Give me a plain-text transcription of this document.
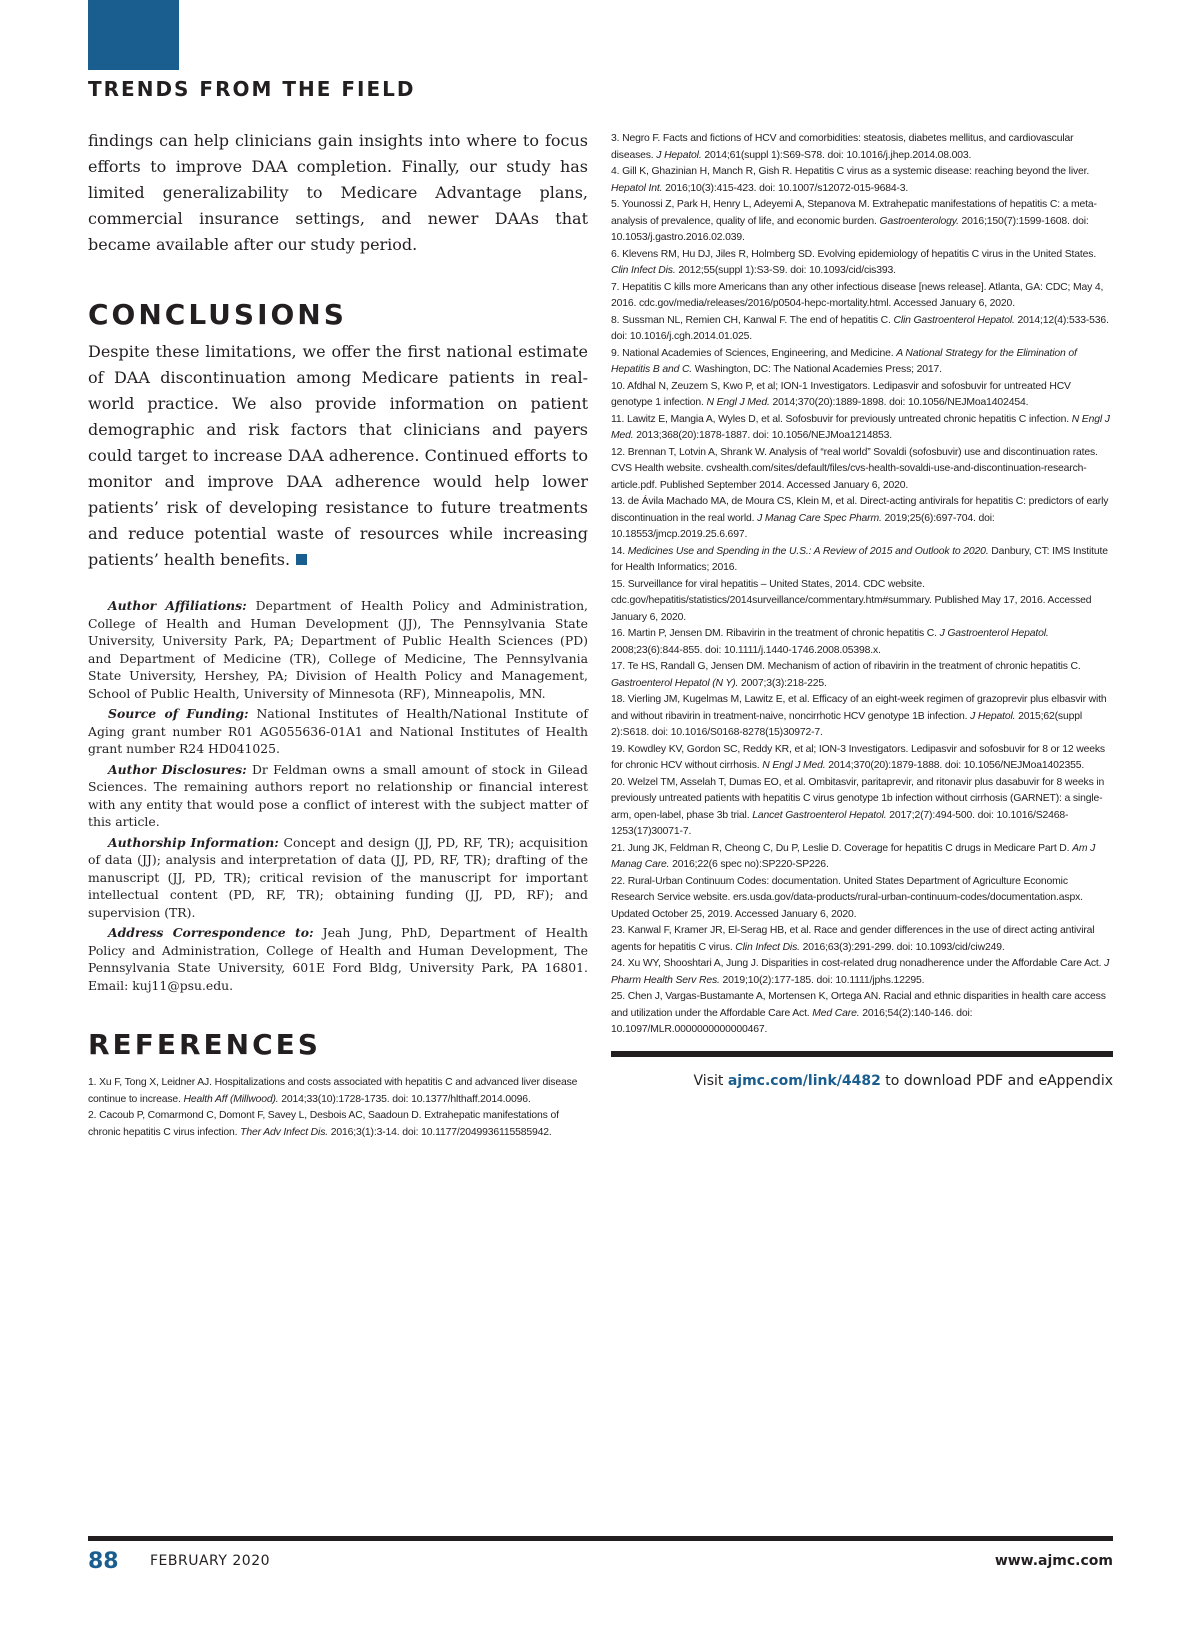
TRENDS FROM THE FIELD

findings can help clinicians gain insights into where to focus efforts to improve DAA completion. Finally, our study has limited generalizability to Medicare Advantage plans, commercial insurance settings, and newer DAAs that became available after our study period.

CONCLUSIONS

Despite these limitations, we offer the first national estimate of DAA discontinuation among Medicare patients in real-world practice. We also provide information on patient demographic and risk factors that clinicians and payers could target to increase DAA adherence. Continued efforts to monitor and improve DAA adherence would help lower patients’ risk of developing resistance to future treatments and reduce potential waste of resources while increasing patients’ health benefits.

Author Affiliations: Department of Health Policy and Administration, College of Health and Human Development (JJ), The Pennsylvania State University, University Park, PA; Department of Public Health Sciences (PD) and Department of Medicine (TR), College of Medicine, The Pennsylvania State University, Hershey, PA; Division of Health Policy and Management, School of Public Health, University of Minnesota (RF), Minneapolis, MN.

Source of Funding: National Institutes of Health/National Institute of Aging grant number R01 AG055636-01A1 and National Institutes of Health grant number R24 HD041025.

Author Disclosures: Dr Feldman owns a small amount of stock in Gilead Sciences. The remaining authors report no relationship or financial interest with any entity that would pose a conflict of interest with the subject matter of this article.

Authorship Information: Concept and design (JJ, PD, RF, TR); acquisition of data (JJ); analysis and interpretation of data (JJ, PD, RF, TR); drafting of the manuscript (JJ, PD, TR); critical revision of the manuscript for important intellectual content (PD, RF, TR); obtaining funding (JJ, PD, RF); and supervision (TR).

Address Correspondence to: Jeah Jung, PhD, Department of Health Policy and Administration, College of Health and Human Development, The Pennsylvania State University, 601E Ford Bldg, University Park, PA 16801. Email: kuj11@psu.edu.

REFERENCES
1. Xu F, Tong X, Leidner AJ. Hospitalizations and costs associated with hepatitis C and advanced liver disease continue to increase. Health Aff (Millwood). 2014;33(10):1728-1735. doi: 10.1377/hlthaff.2014.0096.
2. Cacoub P, Comarmond C, Domont F, Savey L, Desbois AC, Saadoun D. Extrahepatic manifestations of chronic hepatitis C virus infection. Ther Adv Infect Dis. 2016;3(1):3-14. doi: 10.1177/2049936115585942.
3. Negro F. Facts and fictions of HCV and comorbidities: steatosis, diabetes mellitus, and cardiovascular diseases. J Hepatol. 2014;61(suppl 1):S69-S78. doi: 10.1016/j.jhep.2014.08.003.
4. Gill K, Ghazinian H, Manch R, Gish R. Hepatitis C virus as a systemic disease: reaching beyond the liver. Hepatol Int. 2016;10(3):415-423. doi: 10.1007/s12072-015-9684-3.
5. Younossi Z, Park H, Henry L, Adeyemi A, Stepanova M. Extrahepatic manifestations of hepatitis C: a meta-analysis of prevalence, quality of life, and economic burden. Gastroenterology. 2016;150(7):1599-1608. doi: 10.1053/j.gastro.2016.02.039.
6. Klevens RM, Hu DJ, Jiles R, Holmberg SD. Evolving epidemiology of hepatitis C virus in the United States. Clin Infect Dis. 2012;55(suppl 1):S3-S9. doi: 10.1093/cid/cis393.
7. Hepatitis C kills more Americans than any other infectious disease [news release]. Atlanta, GA: CDC; May 4, 2016. cdc.gov/media/releases/2016/p0504-hepc-mortality.html. Accessed January 6, 2020.
8. Sussman NL, Remien CH, Kanwal F. The end of hepatitis C. Clin Gastroenterol Hepatol. 2014;12(4):533-536. doi: 10.1016/j.cgh.2014.01.025.
9. National Academies of Sciences, Engineering, and Medicine. A National Strategy for the Elimination of Hepatitis B and C. Washington, DC: The National Academies Press; 2017.
10. Afdhal N, Zeuzem S, Kwo P, et al; ION-1 Investigators. Ledipasvir and sofosbuvir for untreated HCV genotype 1 infection. N Engl J Med. 2014;370(20):1889-1898. doi: 10.1056/NEJMoa1402454.
11. Lawitz E, Mangia A, Wyles D, et al. Sofosbuvir for previously untreated chronic hepatitis C infection. N Engl J Med. 2013;368(20):1878-1887. doi: 10.1056/NEJMoa1214853.
12. Brennan T, Lotvin A, Shrank W. Analysis of “real world” Sovaldi (sofosbuvir) use and discontinuation rates. CVS Health website. cvshealth.com/sites/default/files/cvs-health-sovaldi-use-and-discontinuation-research-article.pdf. Published September 2014. Accessed January 6, 2020.
13. de Ávila Machado MA, de Moura CS, Klein M, et al. Direct-acting antivirals for hepatitis C: predictors of early discontinuation in the real world. J Manag Care Spec Pharm. 2019;25(6):697-704. doi: 10.18553/jmcp.2019.25.6.697.
14. Medicines Use and Spending in the U.S.: A Review of 2015 and Outlook to 2020. Danbury, CT: IMS Institute for Health Informatics; 2016.
15. Surveillance for viral hepatitis – United States, 2014. CDC website. cdc.gov/hepatitis/statistics/2014surveillance/commentary.htm#summary. Published May 17, 2016. Accessed January 6, 2020.
16. Martin P, Jensen DM. Ribavirin in the treatment of chronic hepatitis C. J Gastroenterol Hepatol. 2008;23(6):844-855. doi: 10.1111/j.1440-1746.2008.05398.x.
17. Te HS, Randall G, Jensen DM. Mechanism of action of ribavirin in the treatment of chronic hepatitis C. Gastroenterol Hepatol (N Y). 2007;3(3):218-225.
18. Vierling JM, Kugelmas M, Lawitz E, et al. Efficacy of an eight-week regimen of grazoprevir plus elbasvir with and without ribavirin in treatment-naive, noncirrhotic HCV genotype 1B infection. J Hepatol. 2015;62(suppl 2):S618. doi: 10.1016/S0168-8278(15)30972-7.
19. Kowdley KV, Gordon SC, Reddy KR, et al; ION-3 Investigators. Ledipasvir and sofosbuvir for 8 or 12 weeks for chronic HCV without cirrhosis. N Engl J Med. 2014;370(20):1879-1888. doi: 10.1056/NEJMoa1402355.
20. Welzel TM, Asselah T, Dumas EO, et al. Ombitasvir, paritaprevir, and ritonavir plus dasabuvir for 8 weeks in previously untreated patients with hepatitis C virus genotype 1b infection without cirrhosis (GARNET): a single-arm, open-label, phase 3b trial. Lancet Gastroenterol Hepatol. 2017;2(7):494-500. doi: 10.1016/S2468-1253(17)30071-7.
21. Jung JK, Feldman R, Cheong C, Du P, Leslie D. Coverage for hepatitis C drugs in Medicare Part D. Am J Manag Care. 2016;22(6 spec no):SP220-SP226.
22. Rural-Urban Continuum Codes: documentation. United States Department of Agriculture Economic Research Service website. ers.usda.gov/data-products/rural-urban-continuum-codes/documentation.aspx. Updated October 25, 2019. Accessed January 6, 2020.
23. Kanwal F, Kramer JR, El-Serag HB, et al. Race and gender differences in the use of direct acting antiviral agents for hepatitis C virus. Clin Infect Dis. 2016;63(3):291-299. doi: 10.1093/cid/ciw249.
24. Xu WY, Shooshtari A, Jung J. Disparities in cost-related drug nonadherence under the Affordable Care Act. J Pharm Health Serv Res. 2019;10(2):177-185. doi: 10.1111/jphs.12295.
25. Chen J, Vargas-Bustamante A, Mortensen K, Ortega AN. Racial and ethnic disparities in health care access and utilization under the Affordable Care Act. Med Care. 2016;54(2):140-146. doi: 10.1097/MLR.0000000000000467.
Visit ajmc.com/link/4482 to download PDF and eAppendix
88 FEBRUARY 2020	www.ajmc.com
